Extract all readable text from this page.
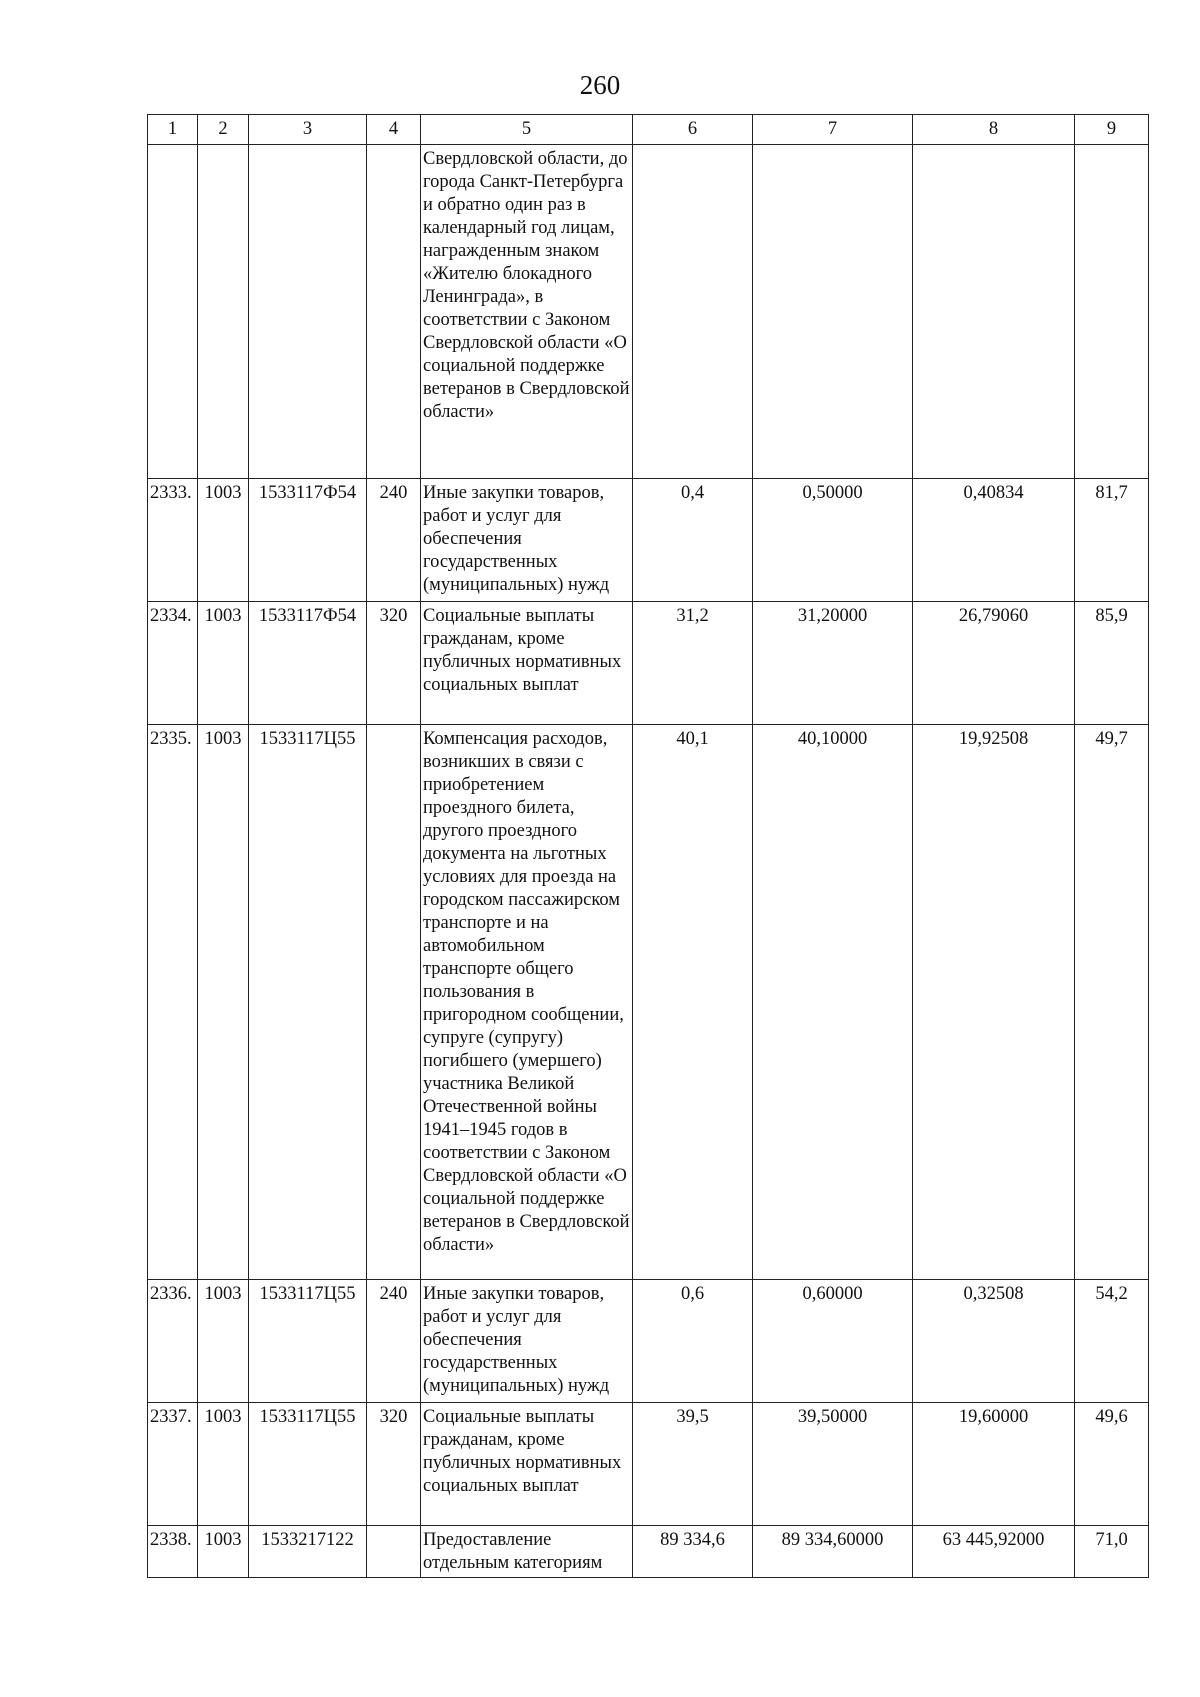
260
1	2	3	4	5	6	7	8	9
				Свердловской области, до города Санкт-Петербурга и обратно один раз в календарный год лицам, награжденным знаком «Жителю блокадного Ленинграда», в соответствии с Законом Свердловской области «О социальной поддержке ветеранов в Свердловской области»				
2333.	1003	1533117Ф54	240	Иные закупки товаров, работ и услуг для обеспечения государственных (муниципальных) нужд	0,4	0,50000	0,40834	81,7
2334.	1003	1533117Ф54	320	Социальные выплаты гражданам, кроме публичных нормативных социальных выплат	31,2	31,20000	26,79060	85,9
2335.	1003	1533117Ц55		Компенсация расходов, возникших в связи с приобретением проездного билета, другого проездного документа на льготных условиях для проезда на городском пассажирском транспорте и на автомобильном транспорте общего пользования в пригородном сообщении, супруге (супругу) погибшего (умершего) участника Великой Отечественной войны 1941–1945 годов в соответствии с Законом Свердловской области «О социальной поддержке ветеранов в Свердловской области»	40,1	40,10000	19,92508	49,7
2336.	1003	1533117Ц55	240	Иные закупки товаров, работ и услуг для обеспечения государственных (муниципальных) нужд	0,6	0,60000	0,32508	54,2
2337.	1003	1533117Ц55	320	Социальные выплаты гражданам, кроме публичных нормативных социальных выплат	39,5	39,50000	19,60000	49,6
2338.	1003	1533217122		Предоставление отдельным категориям	89 334,6	89 334,60000	63 445,92000	71,0
